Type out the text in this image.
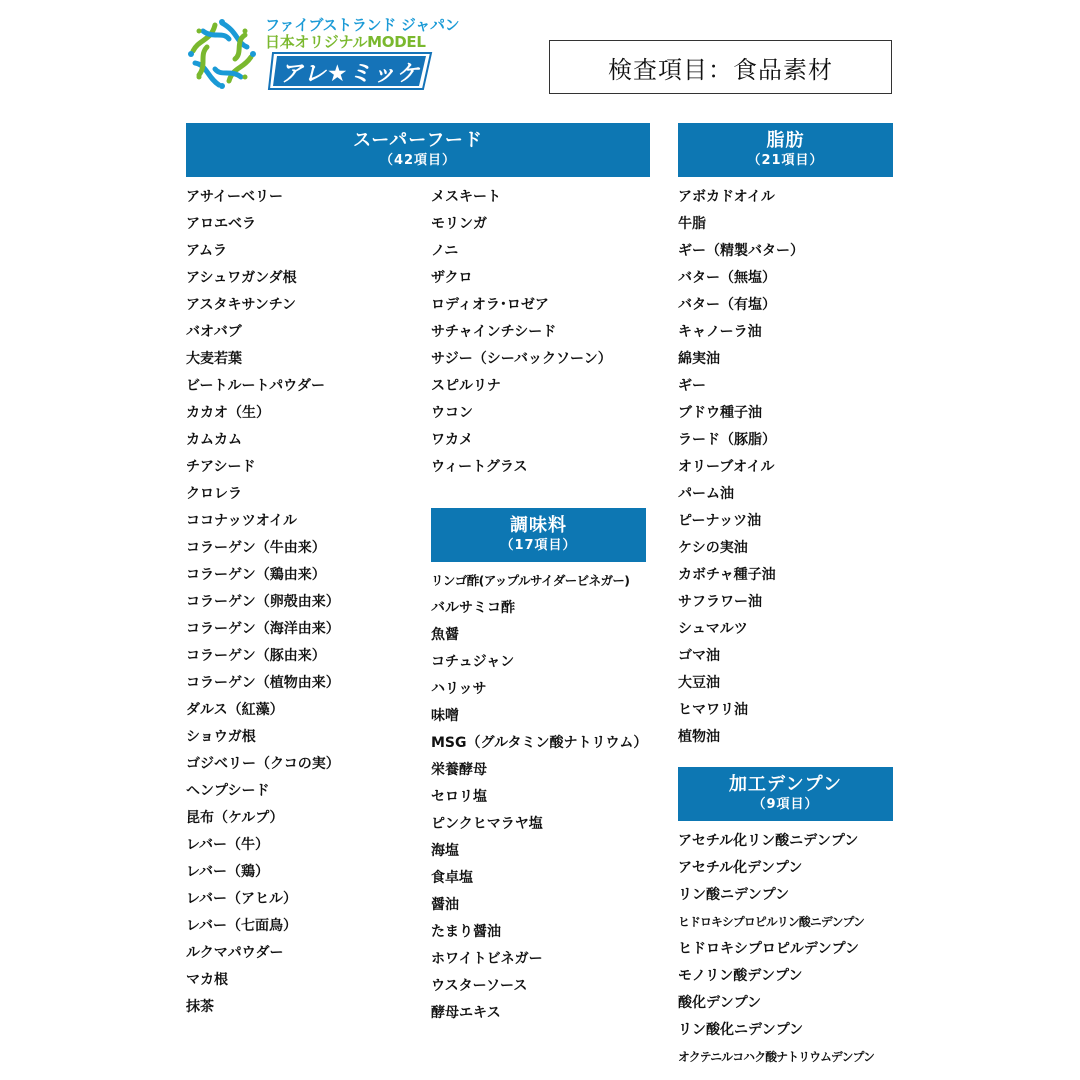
ファイブストランド ジャパン
日本オリジナルMODEL
アレ★ミッケ	検査項目：食品素材
スーパーフード
（42項目）
脂肪
（21項目）
調味料
（17項目）
加工デンプン
（9項目）
アサイーベリー
アロエベラ
アムラ
アシュワガンダ根
アスタキサンチン
バオバブ
大麦若葉
ビートルートパウダー
カカオ（生）
カムカム
チアシード
クロレラ
ココナッツオイル
コラーゲン（牛由来）
コラーゲン（鶏由来）
コラーゲン（卵殻由来）
コラーゲン（海洋由来）
コラーゲン（豚由来）
コラーゲン（植物由来）
ダルス（紅藻）
ショウガ根
ゴジベリー（クコの実）
ヘンプシード
昆布（ケルプ）
レバー（牛）
レバー（鶏）
レバー（アヒル）
レバー（七面鳥）
ルクマパウダー
マカ根
抹茶
メスキート
モリンガ
ノニ
ザクロ
ロディオラ･ロゼア
サチャインチシード
サジー（シーバックソーン）
スピルリナ
ウコン
ワカメ
ウィートグラス
リンゴ酢(アップルサイダービネガー)
バルサミコ酢
魚醤
コチュジャン
ハリッサ
味噌
MSG（グルタミン酸ナトリウム）
栄養酵母
セロリ塩
ピンクヒマラヤ塩
海塩
食卓塩
醤油
たまり醤油
ホワイトビネガー
ウスターソース
酵母エキス
アボカドオイル
牛脂
ギー（精製バター）
バター（無塩）
バター（有塩）
キャノーラ油
綿実油
ギー
ブドウ種子油
ラード（豚脂）
オリーブオイル
パーム油
ピーナッツ油
ケシの実油
カボチャ種子油
サフラワー油
シュマルツ
ゴマ油
大豆油
ヒマワリ油
植物油
アセチル化リン酸ニデンプン
アセチル化デンプン
リン酸ニデンプン
ヒドロキシプロピルリン酸ニデンプン
ヒドロキシプロピルデンプン
モノリン酸デンプン
酸化デンプン
リン酸化ニデンプン
オクテニルコハク酸ナトリウムデンプン
